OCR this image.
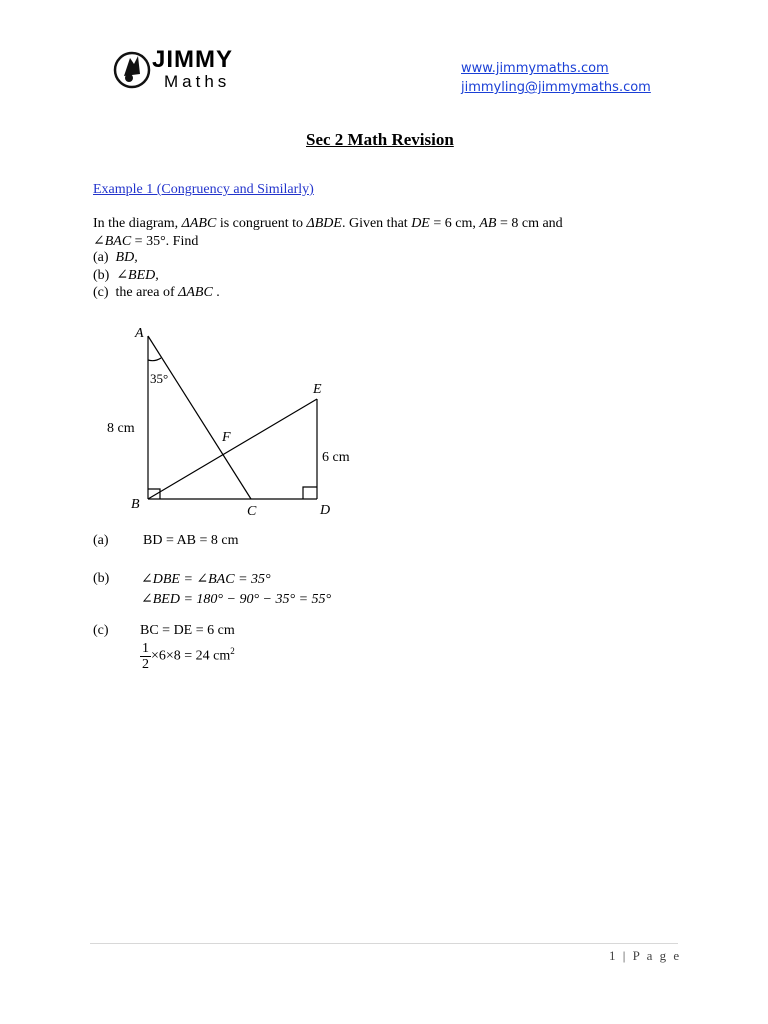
JIMMY
Maths
www.jimmymaths.com
jimmyling@jimmymaths.com
Sec 2 Math Revision
Example 1 (Congruency and Similarly)
In the diagram, ΔABC is congruent to ΔBDE. Given that DE = 6 cm, AB = 8 cm and
∠BAC = 35°. Find
(a) BD,
(b) ∠BED,
(c) the area of ΔABC .
A
B	C	D
E
F
35°
8 cm
6 cm
(a) BD = AB = 8 cm
(b) ∠DBE = ∠BAC = 35°
∠BED = 180° − 90° − 35° = 55°
(c) BC = DE = 6 cm
$\frac{1}{2} \times 6\times 8 = 24$ $cm^2$
1 | P a g e
